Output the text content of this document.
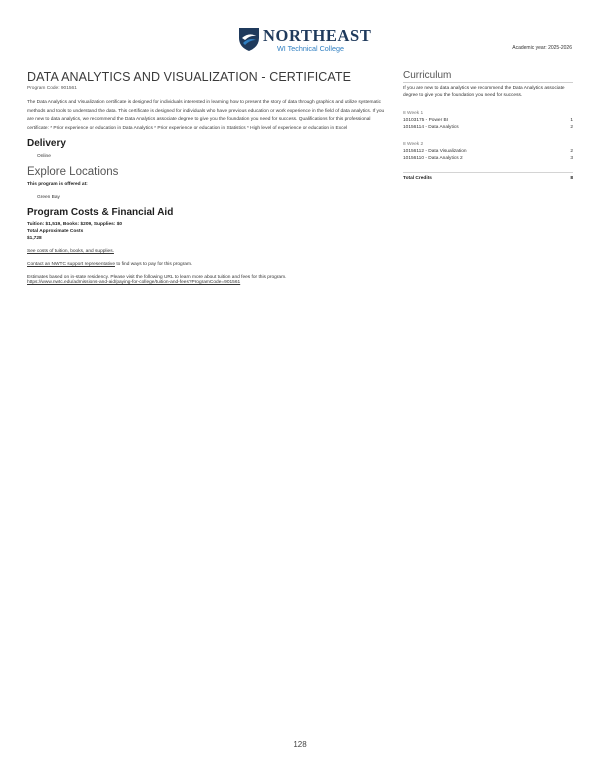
NORTHEAST
WI Technical College	Academic year: 2025-2026
DATA ANALYTICS AND VISUALIZATION - CERTIFICATE
Program Code: 901561
The Data Analytics and Visualization certificate is designed for individuals interested in learning how to present the story of data through graphics and utilize systematic methods and tools to understand the data. This certificate is designed for individuals who have previous education or work experience in the field of data analytics. If you are new to data analytics, we recommend the Data Analytics associate degree to give you the foundation you need for success. Qualifications for this professional certificate: * Prior experience or education in Data Analytics * Prior experience or education in Statistics * High level of experience or education in Excel
Delivery
Online
Explore Locations
This program is offered at:
Green Bay
Program Costs & Financial Aid
Tuition: $1,519, Books: $209, Supplies: $0
Total Approximate Costs
$1,728
See costs of tuition, books, and supplies.
Contact an NWTC support representative to find ways to pay for this program.
Estimates based on in-state residency. Please visit the following URL to learn more about tuition and fees for this program.
https://www.nwtc.edu/admissions-and-aid/paying-for-college/tuition-and-fees?ProgramCode=901561
Curriculum
If you are new to data analytics we recommend the Data Analytics associate degree to give you the foundation you need for success.
8 Week 1
10103175 - Power BI	1
10156114 - Data Analytics	2
8 Week 2
10156112 - Data Visualization	2
10156110 - Data Analytics 2	3
Total Credits	8
128
